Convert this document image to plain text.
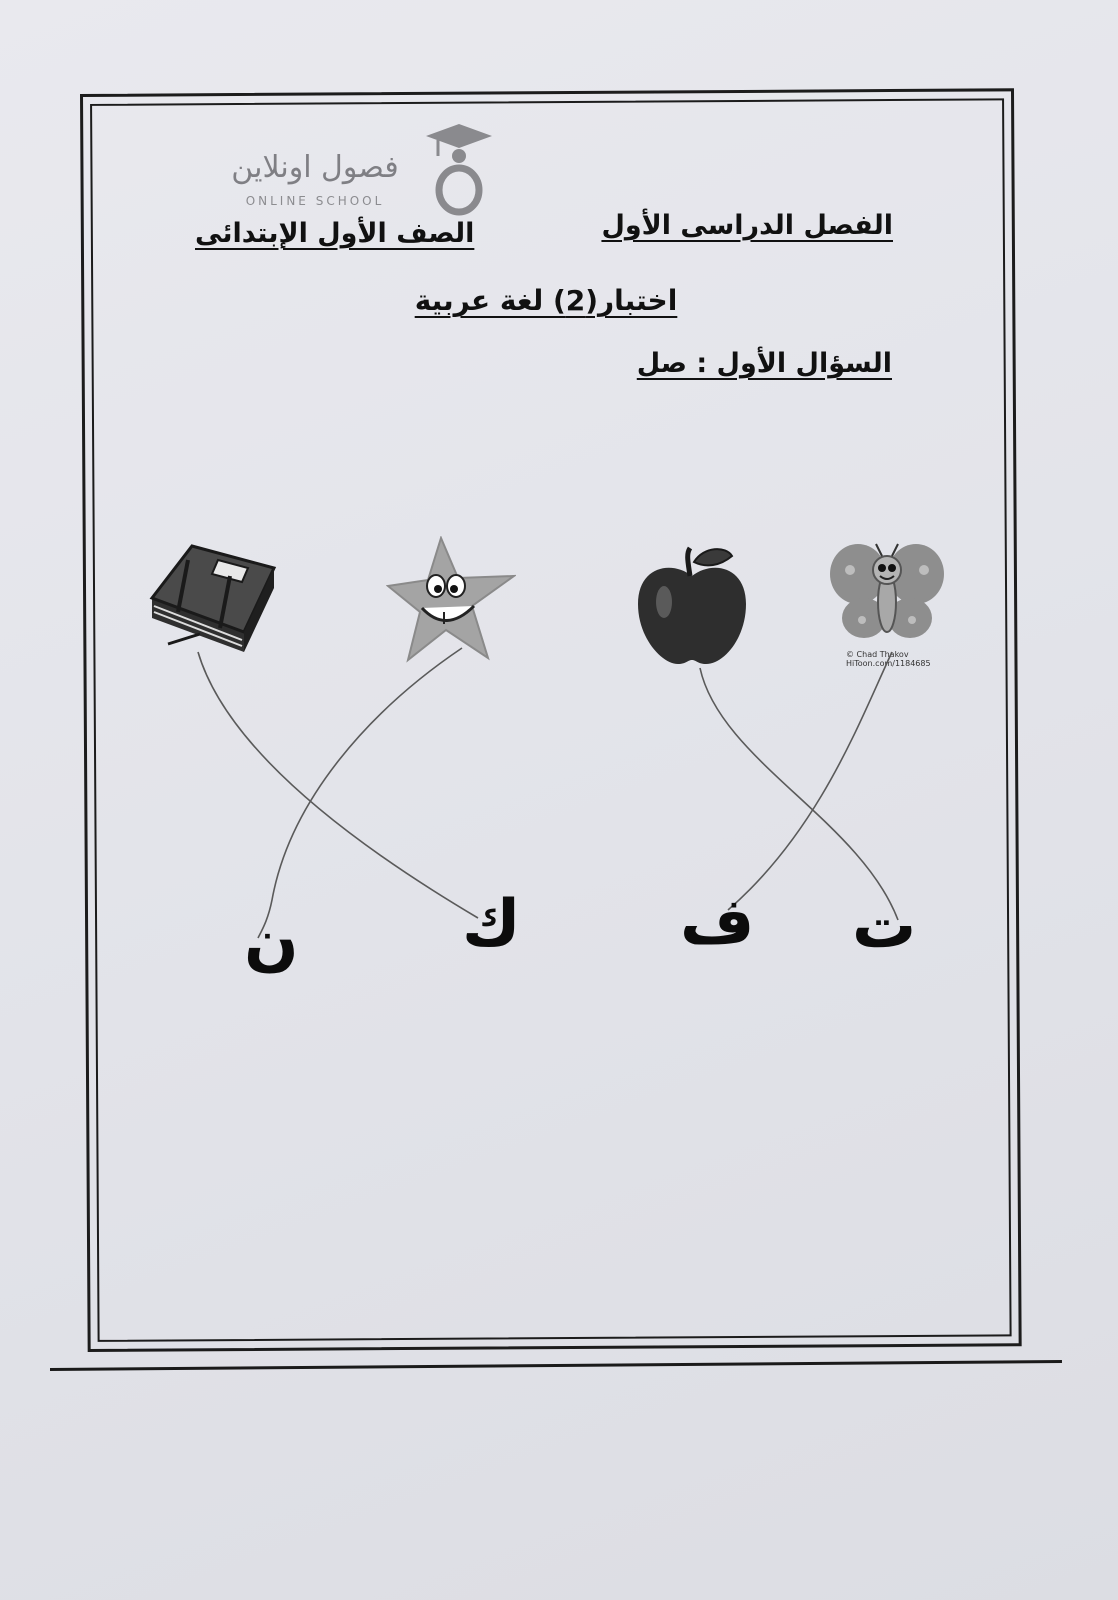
فصول اونلاين
ONLINE SCHOOL
الفصل الدراسى الأول
الصف الأول الإبتدائى
اختبار(2) لغة عربية
السؤال الأول : صل
© Chad Thakov
HiToon.com/1184685
ن	ك ف ت
